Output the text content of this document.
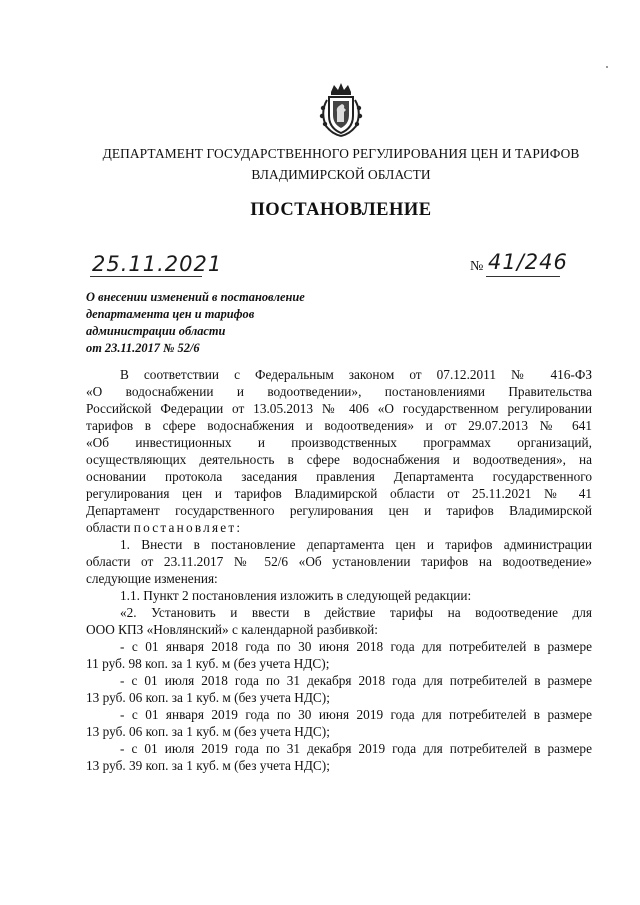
ДЕПАРТАМЕНТ ГОСУДАРСТВЕННОГО РЕГУЛИРОВАНИЯ ЦЕН И ТАРИФОВ
ВЛАДИМИРСКОЙ ОБЛАСТИ
ПОСТАНОВЛЕНИЕ
25.11.2021	№ 41/246
О внесении изменений в постановление
департамента цен и тарифов
администрации области
от 23.11.2017 № 52/6

В соответствии с Федеральным законом от 07.12.2011 № 416-ФЗ

«О водоснабжении и водоотведении», постановлениями Правительства

Российской Федерации от 13.05.2013 № 406 «О государственном регулировании

тарифов в сфере водоснабжения и водоотведения» и от 29.07.2013 № 641

«Об инвестиционных и производственных программах организаций,

осуществляющих деятельность в сфере водоснабжения и водоотведения», на

основании протокола заседания правления Департамента государственного

регулирования цен и тарифов Владимирской области от 25.11.2021 № 41

Департамент государственного регулирования цен и тарифов Владимирской

области постановляет:

1. Внести в постановление департамента цен и тарифов администрации

области от 23.11.2017 № 52/6 «Об установлении тарифов на водоотведение»

следующие изменения:

1.1. Пункт 2 постановления изложить в следующей редакции:

«2. Установить и ввести в действие тарифы на водоотведение для

ООО КПЗ «Новлянский» с календарной разбивкой:

- с 01 января 2018 года по 30 июня 2018 года для потребителей в размере

11 руб. 98 коп. за 1 куб. м (без учета НДС);

- с 01 июля 2018 года по 31 декабря 2018 года для потребителей в размере

13 руб. 06 коп. за 1 куб. м (без учета НДС);

- с 01 января 2019 года по 30 июня 2019 года для потребителей в размере

13 руб. 06 коп. за 1 куб. м (без учета НДС);

- с 01 июля 2019 года по 31 декабря 2019 года для потребителей в размере

13 руб. 39 коп. за 1 куб. м (без учета НДС);
